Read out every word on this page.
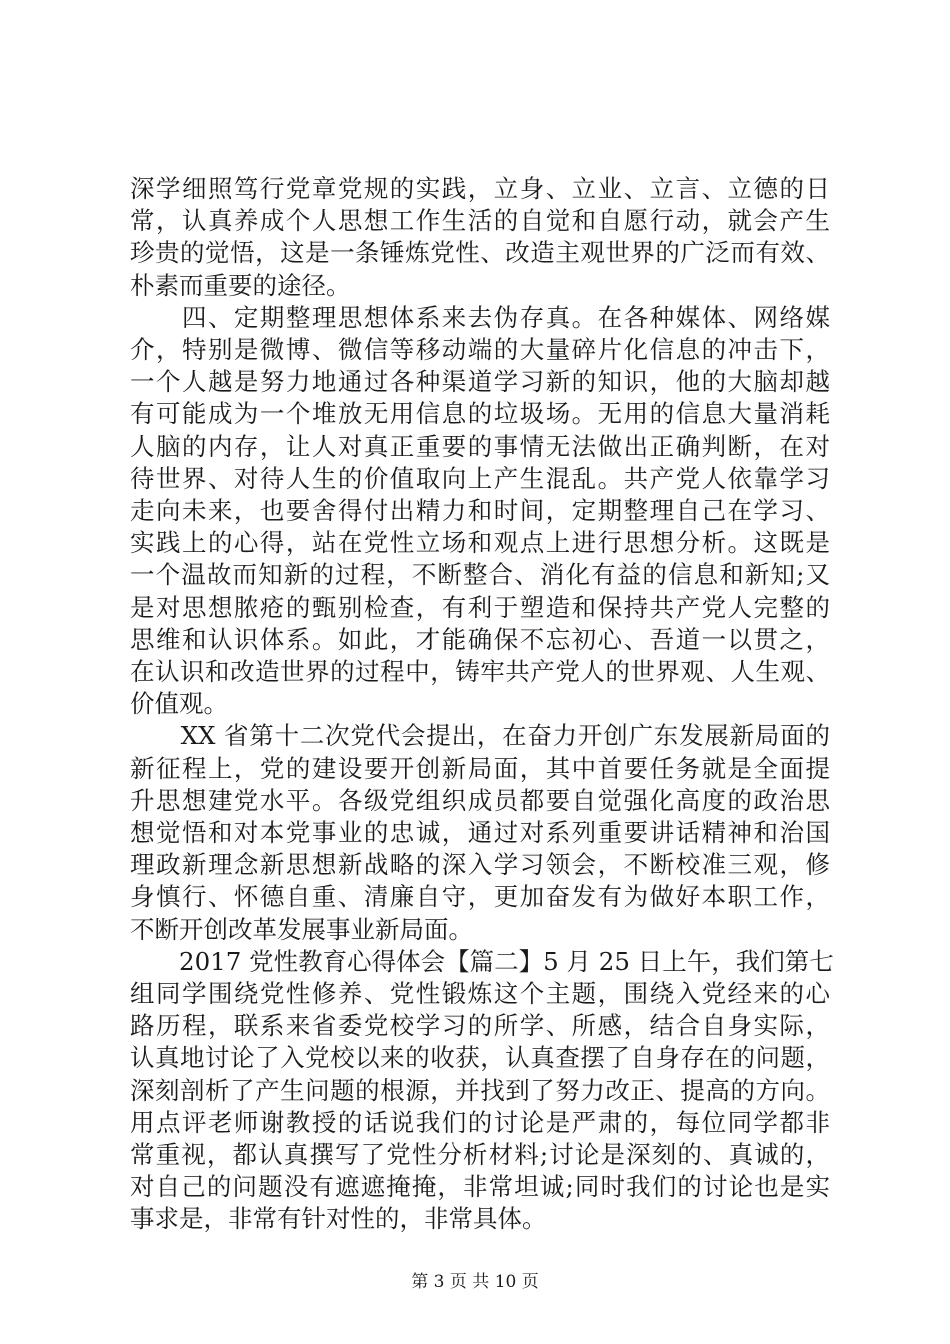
深学细照笃行党章党规的实践，立身、立业、立言、立德的日
常，认真养成个人思想工作生活的自觉和自愿行动，就会产生
珍贵的觉悟，这是一条锤炼党性、改造主观世界的广泛而有效、
朴素而重要的途径。
　　四、定期整理思想体系来去伪存真。在各种媒体、网络媒
介，特别是微博、微信等移动端的大量碎片化信息的冲击下，
一个人越是努力地通过各种渠道学习新的知识，他的大脑却越
有可能成为一个堆放无用信息的垃圾场。无用的信息大量消耗
人脑的内存，让人对真正重要的事情无法做出正确判断，在对
待世界、对待人生的价值取向上产生混乱。共产党人依靠学习
走向未来，也要舍得付出精力和时间，定期整理自己在学习、
实践上的心得，站在党性立场和观点上进行思想分析。这既是
一个温故而知新的过程，不断整合、消化有益的信息和新知;又
是对思想脓疮的甄别检查，有利于塑造和保持共产党人完整的
思维和认识体系。如此，才能确保不忘初心、吾道一以贯之，
在认识和改造世界的过程中，铸牢共产党人的世界观、人生观、
价值观。
　　XX 省第十二次党代会提出，在奋力开创广东发展新局面的
新征程上，党的建设要开创新局面，其中首要任务就是全面提
升思想建党水平。各级党组织成员都要自觉强化高度的政治思
想觉悟和对本党事业的忠诚，通过对系列重要讲话精神和治国
理政新理念新思想新战略的深入学习领会，不断校准三观，修
身慎行、怀德自重、清廉自守，更加奋发有为做好本职工作，
不断开创改革发展事业新局面。
　　2017 党性教育心得体会【篇二】5 月 25 日上午，我们第七
组同学围绕党性修养、党性锻炼这个主题，围绕入党经来的心
路历程，联系来省委党校学习的所学、所感，结合自身实际，
认真地讨论了入党校以来的收获，认真查摆了自身存在的问题，
深刻剖析了产生问题的根源，并找到了努力改正、提高的方向。
用点评老师谢教授的话说我们的讨论是严肃的，每位同学都非
常重视，都认真撰写了党性分析材料;讨论是深刻的、真诚的，
对自己的问题没有遮遮掩掩，非常坦诚;同时我们的讨论也是实
第 3 页 共 10 页
事求是，非常有针对性的，非常具体。
